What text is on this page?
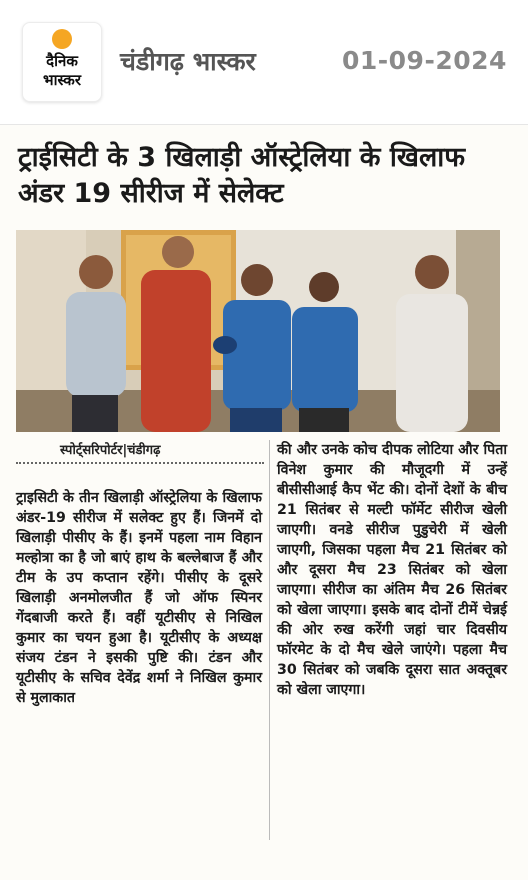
दैनिक
भास्कर
चंडीगढ़ भास्कर	01-09-2024
ट्राईसिटी के 3 खिलाड़ी ऑस्ट्रेलिया के खिलाफ अंडर 19 सीरीज में सेलेक्ट
स्पोर्ट्सरिपोर्टर|चंडीगढ़
ट्राइसिटी के तीन खिलाड़ी ऑस्ट्रेलिया के खिलाफ अंडर-19 सीरीज में सलेक्ट हुए हैं। जिनमें दो खिलाड़ी पीसीए के हैं। इनमें पहला नाम विहान मल्होत्रा का है जो बाएं हाथ के बल्लेबाज हैं और टीम के उप कप्तान रहेंगे। पीसीए के दूसरे खिलाड़ी अनमोलजीत हैं जो ऑफ स्पिनर गेंदबाजी करते हैं। वहीं यूटीसीए से निखिल कुमार का चयन हुआ है। यूटीसीए के अध्यक्ष संजय टंडन ने इसकी पुष्टि की। टंडन और यूटीसीए के सचिव देवेंद्र शर्मा ने निखिल कुमार से मुलाकात
की और उनके कोच दीपक लोटिया और पिता विनेश कुमार की मौजूदगी में उन्हें बीसीसीआई कैप भेंट की। दोनों देशों के बीच 21 सितंबर से मल्टी फॉर्मेट सीरीज खेली जाएगी। वनडे सीरीज पुडुचेरी में खेली जाएगी, जिसका पहला मैच 21 सितंबर को और दूसरा मैच 23 सितंबर को खेला जाएगा। सीरीज का अंतिम मैच 26 सितंबर को खेला जाएगा। इसके बाद दोनों टीमें चेन्नई की ओर रुख करेंगी जहां चार दिवसीय फॉरमेट के दो मैच खेले जाएंगे। पहला मैच 30 सितंबर को जबकि दूसरा सात अक्तूबर को खेला जाएगा।
